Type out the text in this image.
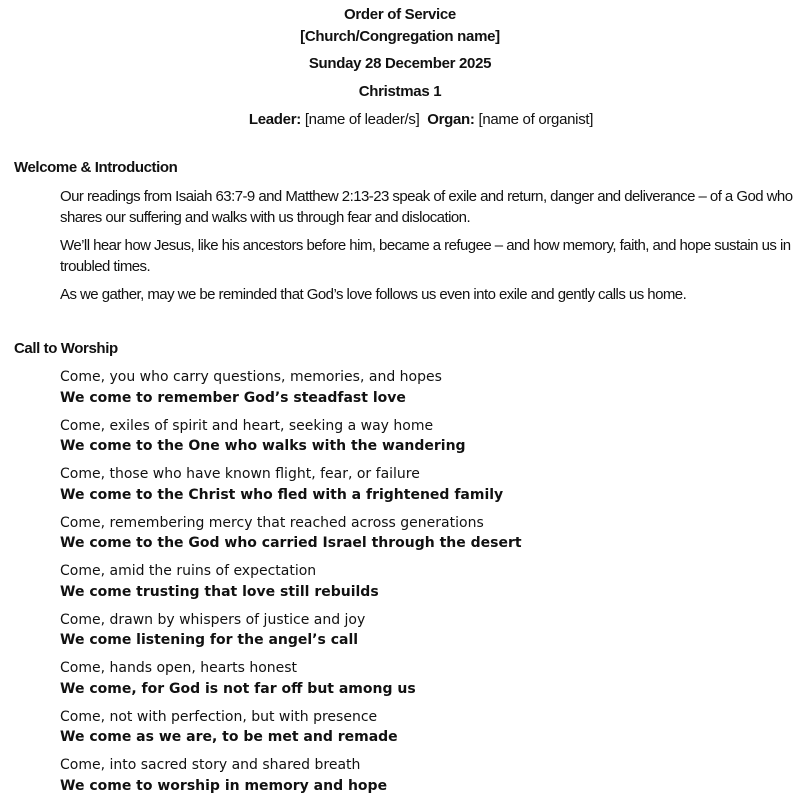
Order of Service
[Church/Congregation name]
Sunday 28 December 2025
Christmas 1
Leader: [name of leader/s] Organ: [name of organist]
Welcome & Introduction
Our readings from Isaiah 63:7-9 and Matthew 2:13-23 speak of exile and return, danger and deliverance – of a God who shares our suffering and walks with us through fear and dislocation.
We’ll hear how Jesus, like his ancestors before him, became a refugee – and how memory, faith, and hope sustain us in troubled times.
As we gather, may we be reminded that God’s love follows us even into exile and gently calls us home.
Call to Worship
Come, you who carry questions, memories, and hopes
We come to remember God’s steadfast love
Come, exiles of spirit and heart, seeking a way home
We come to the One who walks with the wandering
Come, those who have known flight, fear, or failure
We come to the Christ who fled with a frightened family
Come, remembering mercy that reached across generations
We come to the God who carried Israel through the desert
Come, amid the ruins of expectation
We come trusting that love still rebuilds
Come, drawn by whispers of justice and joy
We come listening for the angel’s call
Come, hands open, hearts honest
We come, for God is not far off but among us
Come, not with perfection, but with presence
We come as we are, to be met and remade
Come, into sacred story and shared breath
We come to worship in memory and hope
